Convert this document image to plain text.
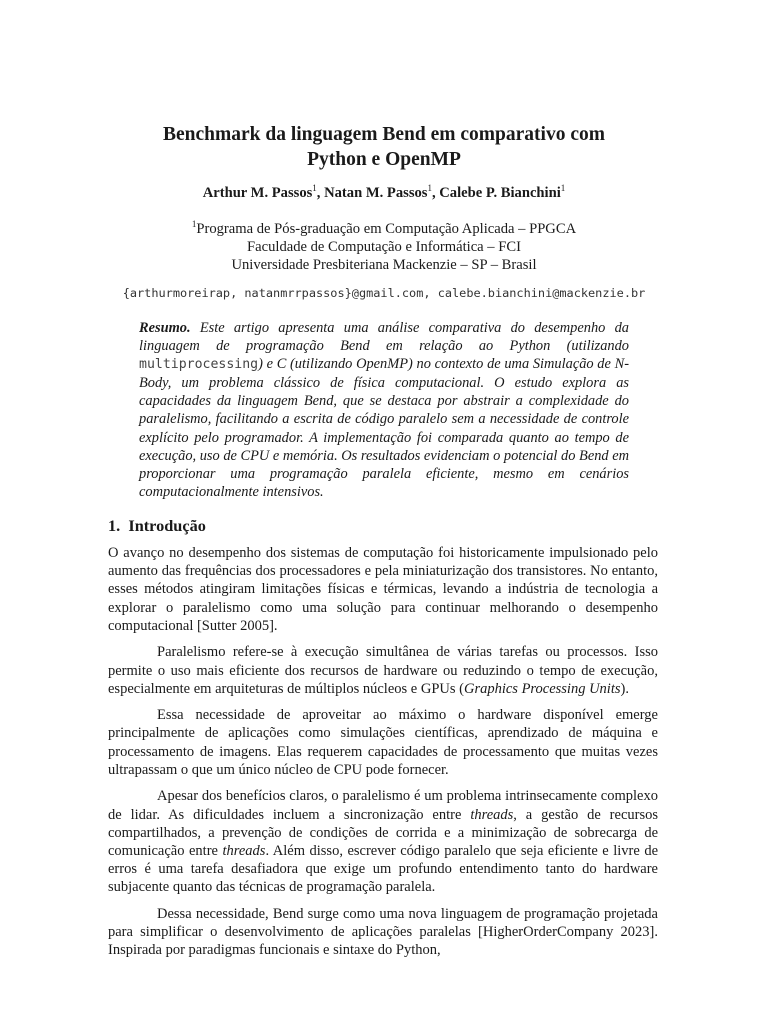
Benchmark da linguagem Bend em comparativo com
Python e OpenMP
Arthur M. Passos$^1$, Natan M. Passos$^1$, Calebe P. Bianchini$^1$
$^1$Programa de Pós-graduação em Computação Aplicada – PPGCA
Faculdade de Computação e Informática – FCI
Universidade Presbiteriana Mackenzie – SP – Brasil
{arthurmoreirap, natanmrrpassos}@gmail.com, calebe.bianchini@mackenzie.br
Resumo. Este artigo apresenta uma análise comparativa do desempenho da linguagem de programação Bend em relação ao Python (utilizando multiprocessing) e C (utilizando OpenMP) no contexto de uma Simulação de N-Body, um problema clássico de física computacional. O estudo explora as capacidades da linguagem Bend, que se destaca por abstrair a complexidade do paralelismo, facilitando a escrita de código paralelo sem a necessidade de controle explícito pelo programador. A implementação foi comparada quanto ao tempo de execução, uso de CPU e memória. Os resultados evidenciam o potencial do Bend em proporcionar uma programação paralela eficiente, mesmo em cenários computacionalmente intensivos.
1. Introdução

O avanço no desempenho dos sistemas de computação foi historicamente impulsionado pelo aumento das frequências dos processadores e pela miniaturização dos transistores. No entanto, esses métodos atingiram limitações físicas e térmicas, levando a indústria de tecnologia a explorar o paralelismo como uma solução para continuar melhorando o desempenho computacional [Sutter 2005].

Paralelismo refere-se à execução simultânea de várias tarefas ou processos. Isso permite o uso mais eficiente dos recursos de hardware ou reduzindo o tempo de execução, especialmente em arquiteturas de múltiplos núcleos e GPUs (Graphics Processing Units).

Essa necessidade de aproveitar ao máximo o hardware disponível emerge principalmente de aplicações como simulações científicas, aprendizado de máquina e processamento de imagens. Elas requerem capacidades de processamento que muitas vezes ultrapassam o que um único núcleo de CPU pode fornecer.

Apesar dos benefícios claros, o paralelismo é um problema intrinsecamente complexo de lidar. As dificuldades incluem a sincronização entre threads, a gestão de recursos compartilhados, a prevenção de condições de corrida e a minimização de sobrecarga de comunicação entre threads. Além disso, escrever código paralelo que seja eficiente e livre de erros é uma tarefa desafiadora que exige um profundo entendimento tanto do hardware subjacente quanto das técnicas de programação paralela.

Dessa necessidade, Bend surge como uma nova linguagem de programação projetada para simplificar o desenvolvimento de aplicações paralelas [HigherOrderCompany 2023]. Inspirada por paradigmas funcionais e sintaxe do Python,
